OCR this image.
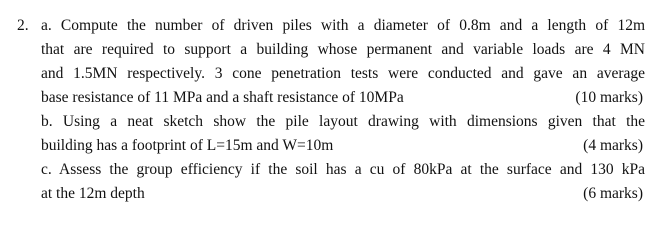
2. a. Compute the number of driven piles with a diameter of 0.8m and a length of 12m
that are required to support a building whose permanent and variable loads are 4 MN
and 1.5MN respectively. 3 cone penetration tests were conducted and gave an average
base resistance of 11 MPa and a shaft resistance of 10MPa	(10 marks)
b. Using a neat sketch show the pile layout drawing with dimensions given that the
building has a footprint of L=15m and W=10m	(4 marks)
c. Assess the group efficiency if the soil has a cu of 80kPa at the surface and 130 kPa
at the 12m depth	(6 marks)
